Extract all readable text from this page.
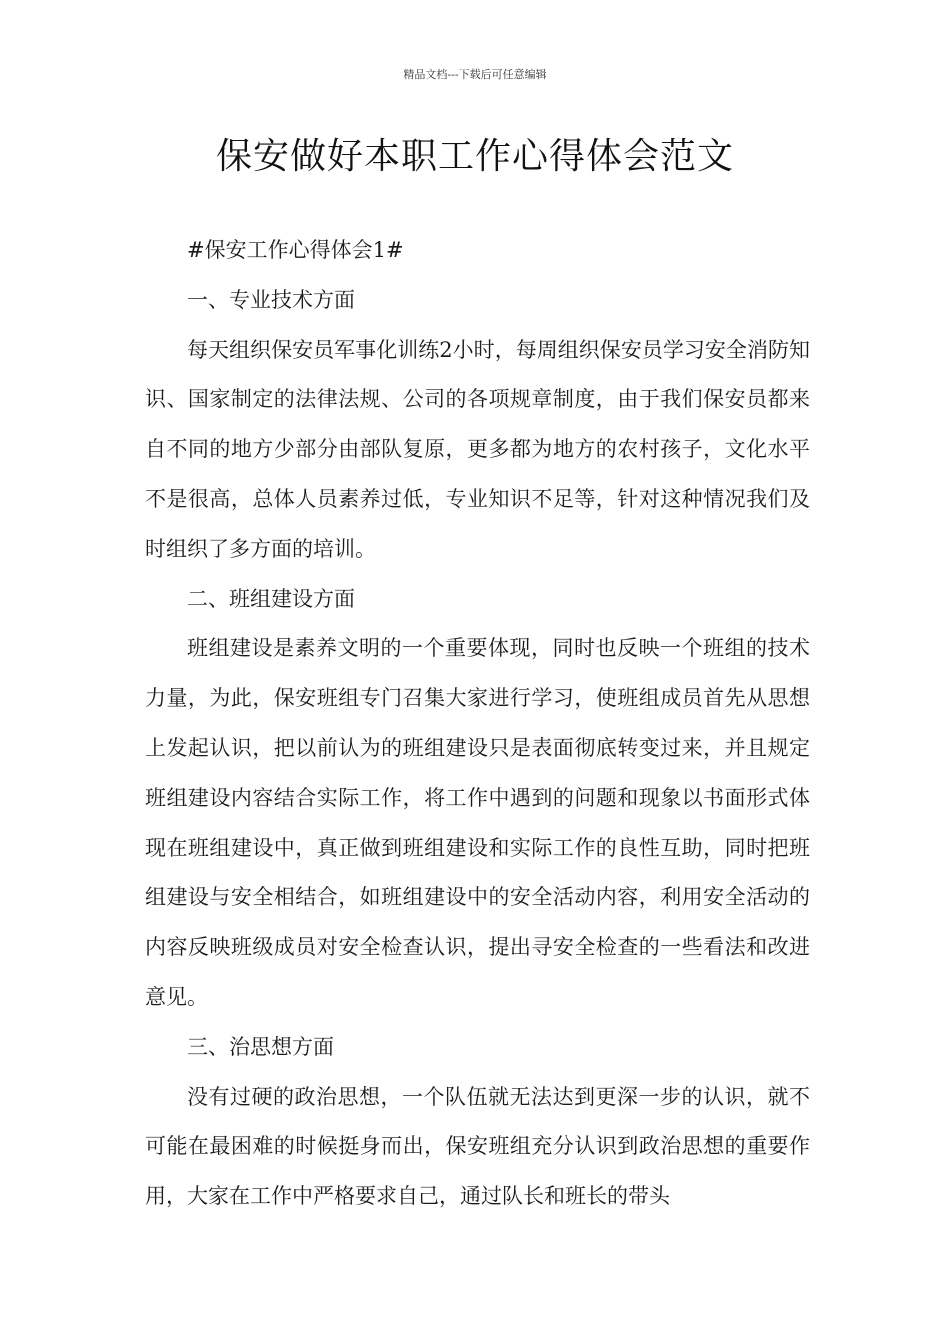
精品文档---下载后可任意编辑
保安做好本职工作心得体会范文

#保安工作心得体会1#

一、专业技术方面

每天组织保安员军事化训练2小时，每周组织保安员学习安全消防知识、国家制定的法律法规、公司的各项规章制度，由于我们保安员都来自不同的地方少部分由部队复原，更多都为地方的农村孩子，文化水平不是很高，总体人员素养过低，专业知识不足等，针对这种情况我们及时组织了多方面的培训。

二、班组建设方面

班组建设是素养文明的一个重要体现，同时也反映一个班组的技术力量，为此，保安班组专门召集大家进行学习，使班组成员首先从思想上发起认识，把以前认为的班组建设只是表面彻底转变过来，并且规定班组建设内容结合实际工作，将工作中遇到的问题和现象以书面形式体现在班组建设中，真正做到班组建设和实际工作的良性互助，同时把班组建设与安全相结合，如班组建设中的安全活动内容，利用安全活动的内容反映班级成员对安全检查认识，提出寻安全检查的一些看法和改进意见。

三、治思想方面

没有过硬的政治思想，一个队伍就无法达到更深一步的认识，就不可能在最困难的时候挺身而出，保安班组充分认识到政治思想的重要作用，大家在工作中严格要求自己，通过队长和班长的带头
